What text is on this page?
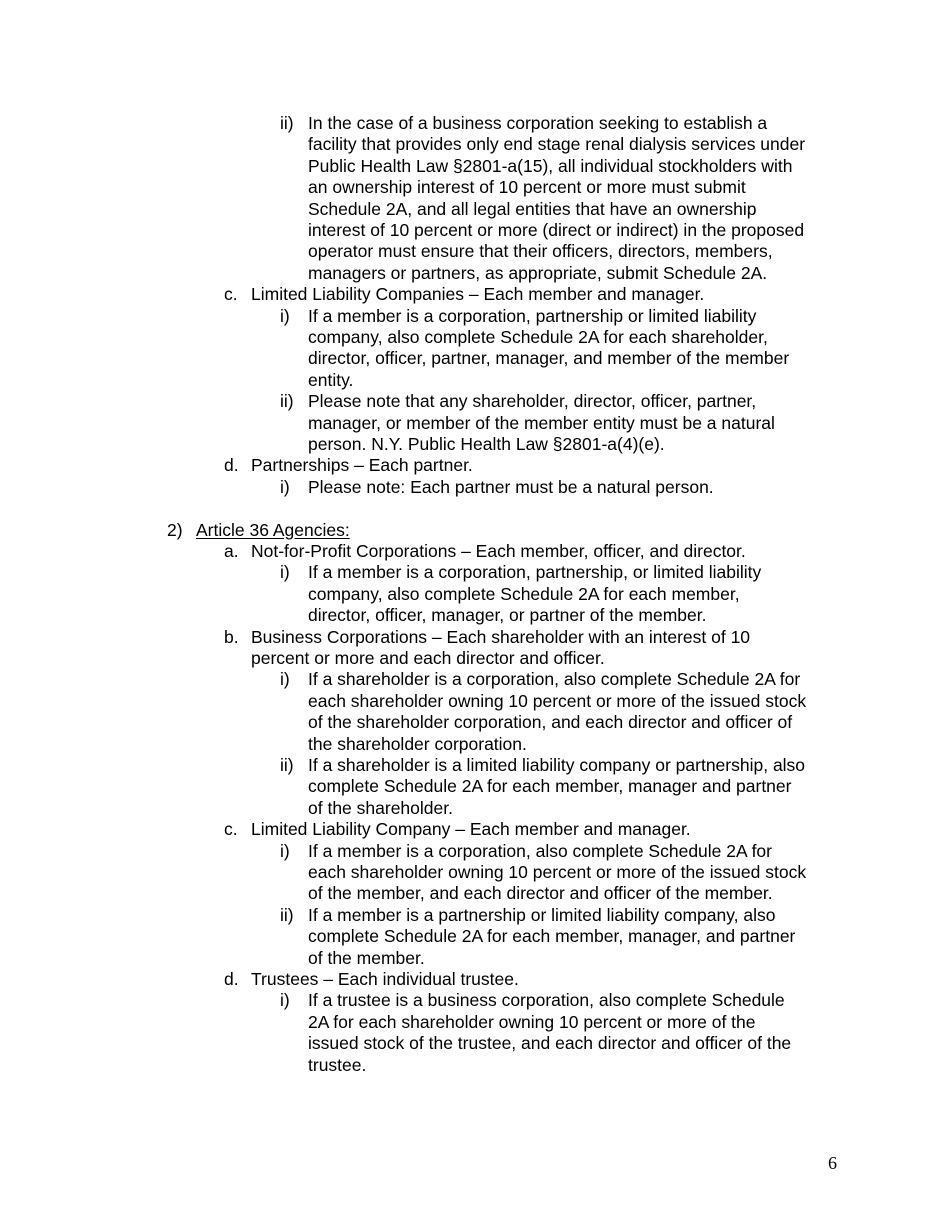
ii) In the case of a business corporation seeking to establish a
facility that provides only end stage renal dialysis services under
Public Health Law §2801-a(15), all individual stockholders with
an ownership interest of 10 percent or more must submit
Schedule 2A, and all legal entities that have an ownership
interest of 10 percent or more (direct or indirect) in the proposed
operator must ensure that their officers, directors, members,
managers or partners, as appropriate, submit Schedule 2A.
c. Limited Liability Companies – Each member and manager.
i) If a member is a corporation, partnership or limited liability
company, also complete Schedule 2A for each shareholder,
director, officer, partner, manager, and member of the member
entity.
ii) Please note that any shareholder, director, officer, partner,
manager, or member of the member entity must be a natural
person. N.Y. Public Health Law §2801-a(4)(e).
d. Partnerships – Each partner.
i) Please note: Each partner must be a natural person.
2) Article 36 Agencies:
a. Not-for-Profit Corporations – Each member, officer, and director.
i) If a member is a corporation, partnership, or limited liability
company, also complete Schedule 2A for each member,
director, officer, manager, or partner of the member.
b. Business Corporations – Each shareholder with an interest of 10
percent or more and each director and officer.
i) If a shareholder is a corporation, also complete Schedule 2A for
each shareholder owning 10 percent or more of the issued stock
of the shareholder corporation, and each director and officer of
the shareholder corporation.
ii) If a shareholder is a limited liability company or partnership, also
complete Schedule 2A for each member, manager and partner
of the shareholder.
c. Limited Liability Company – Each member and manager.
i) If a member is a corporation, also complete Schedule 2A for
each shareholder owning 10 percent or more of the issued stock
of the member, and each director and officer of the member.
ii) If a member is a partnership or limited liability company, also
complete Schedule 2A for each member, manager, and partner
of the member.
d. Trustees – Each individual trustee.
i) If a trustee is a business corporation, also complete Schedule
2A for each shareholder owning 10 percent or more of the
issued stock of the trustee, and each director and officer of the
trustee.
6
